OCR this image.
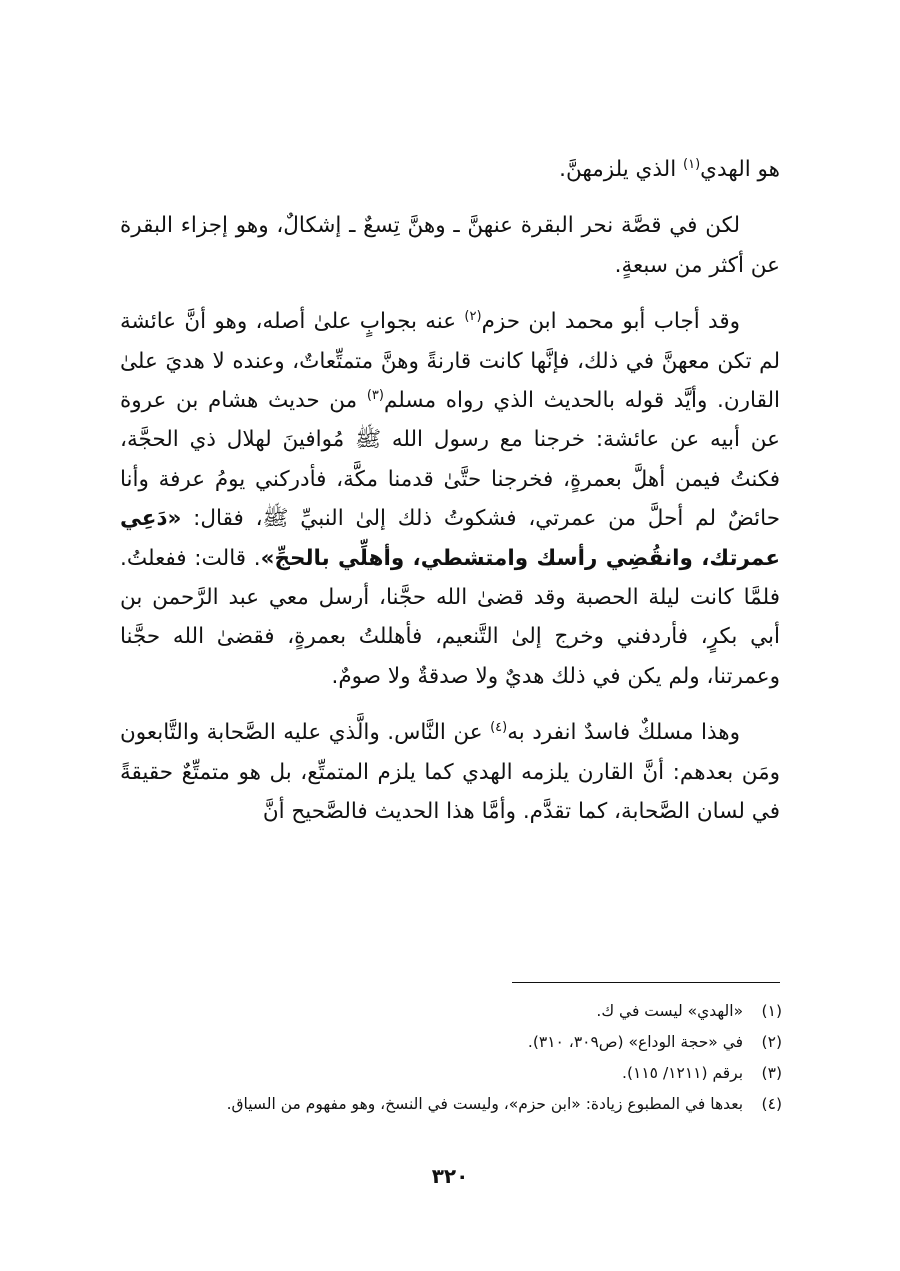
هو الهدي$^{(١)}$ الذي يلزمهنَّ.

لكن في قصَّة نحر البقرة عنهنَّ ـ وهنَّ تِسعٌ ـ إشكالٌ، وهو إجزاء البقرة عن أكثر من سبعةٍ.

وقد أجاب أبو محمد ابن حزم$^{(٢)}$ عنه بجوابٍ علىٰ أصله، وهو أنَّ عائشة لم تكن معهنَّ في ذلك، فإنَّها كانت قارنةً وهنَّ متمتِّعاتٌ، وعنده لا هديَ علىٰ القارن. وأيَّد قوله بالحديث الذي رواه مسلم$^{(٣)}$ من حديث هشام بن عروة عن أبيه عن عائشة: خرجنا مع رسول الله ﷺ مُوافينَ لهلال ذي الحجَّة، فكنتُ فيمن أهلَّ بعمرةٍ، فخرجنا حتَّىٰ قدمنا مكَّة، فأدركني يومُ عرفة وأنا حائضٌ لم أحلَّ من عمرتي، فشكوتُ ذلك إلىٰ النبيِّ ﷺ، فقال: «دَعِي عمرتك، وانقُضِي رأسك وامتشطي، وأهلِّي بالحجِّ». قالت: ففعلتُ. فلمَّا كانت ليلة الحصبة وقد قضىٰ الله حجَّنا، أرسل معي عبد الرَّحمن بن أبي بكرٍ، فأردفني وخرج إلىٰ التَّنعيم، فأهللتُ بعمرةٍ، فقضىٰ الله حجَّنا وعمرتنا، ولم يكن في ذلك هديٌ ولا صدقةٌ ولا صومٌ.

وهذا مسلكٌ فاسدٌ انفرد به$^{(٤)}$ عن النَّاس. والَّذي عليه الصَّحابة والتَّابعون ومَن بعدهم: أنَّ القارن يلزمه الهدي كما يلزم المتمتِّع، بل هو متمتِّعٌ حقيقةً في لسان الصَّحابة، كما تقدَّم. وأمَّا هذا الحديث فالصَّحيح أنَّ

(١) «الهدي» ليست في ك.
(٢) في «حجة الوداع» (ص٣٠٩، ٣١٠).
(٣) برقم (١٢١١/ ١١٥).
(٤) بعدها في المطبوع زيادة: «ابن حزم»، وليست في النسخ، وهو مفهوم من السياق.
٣٢٠
